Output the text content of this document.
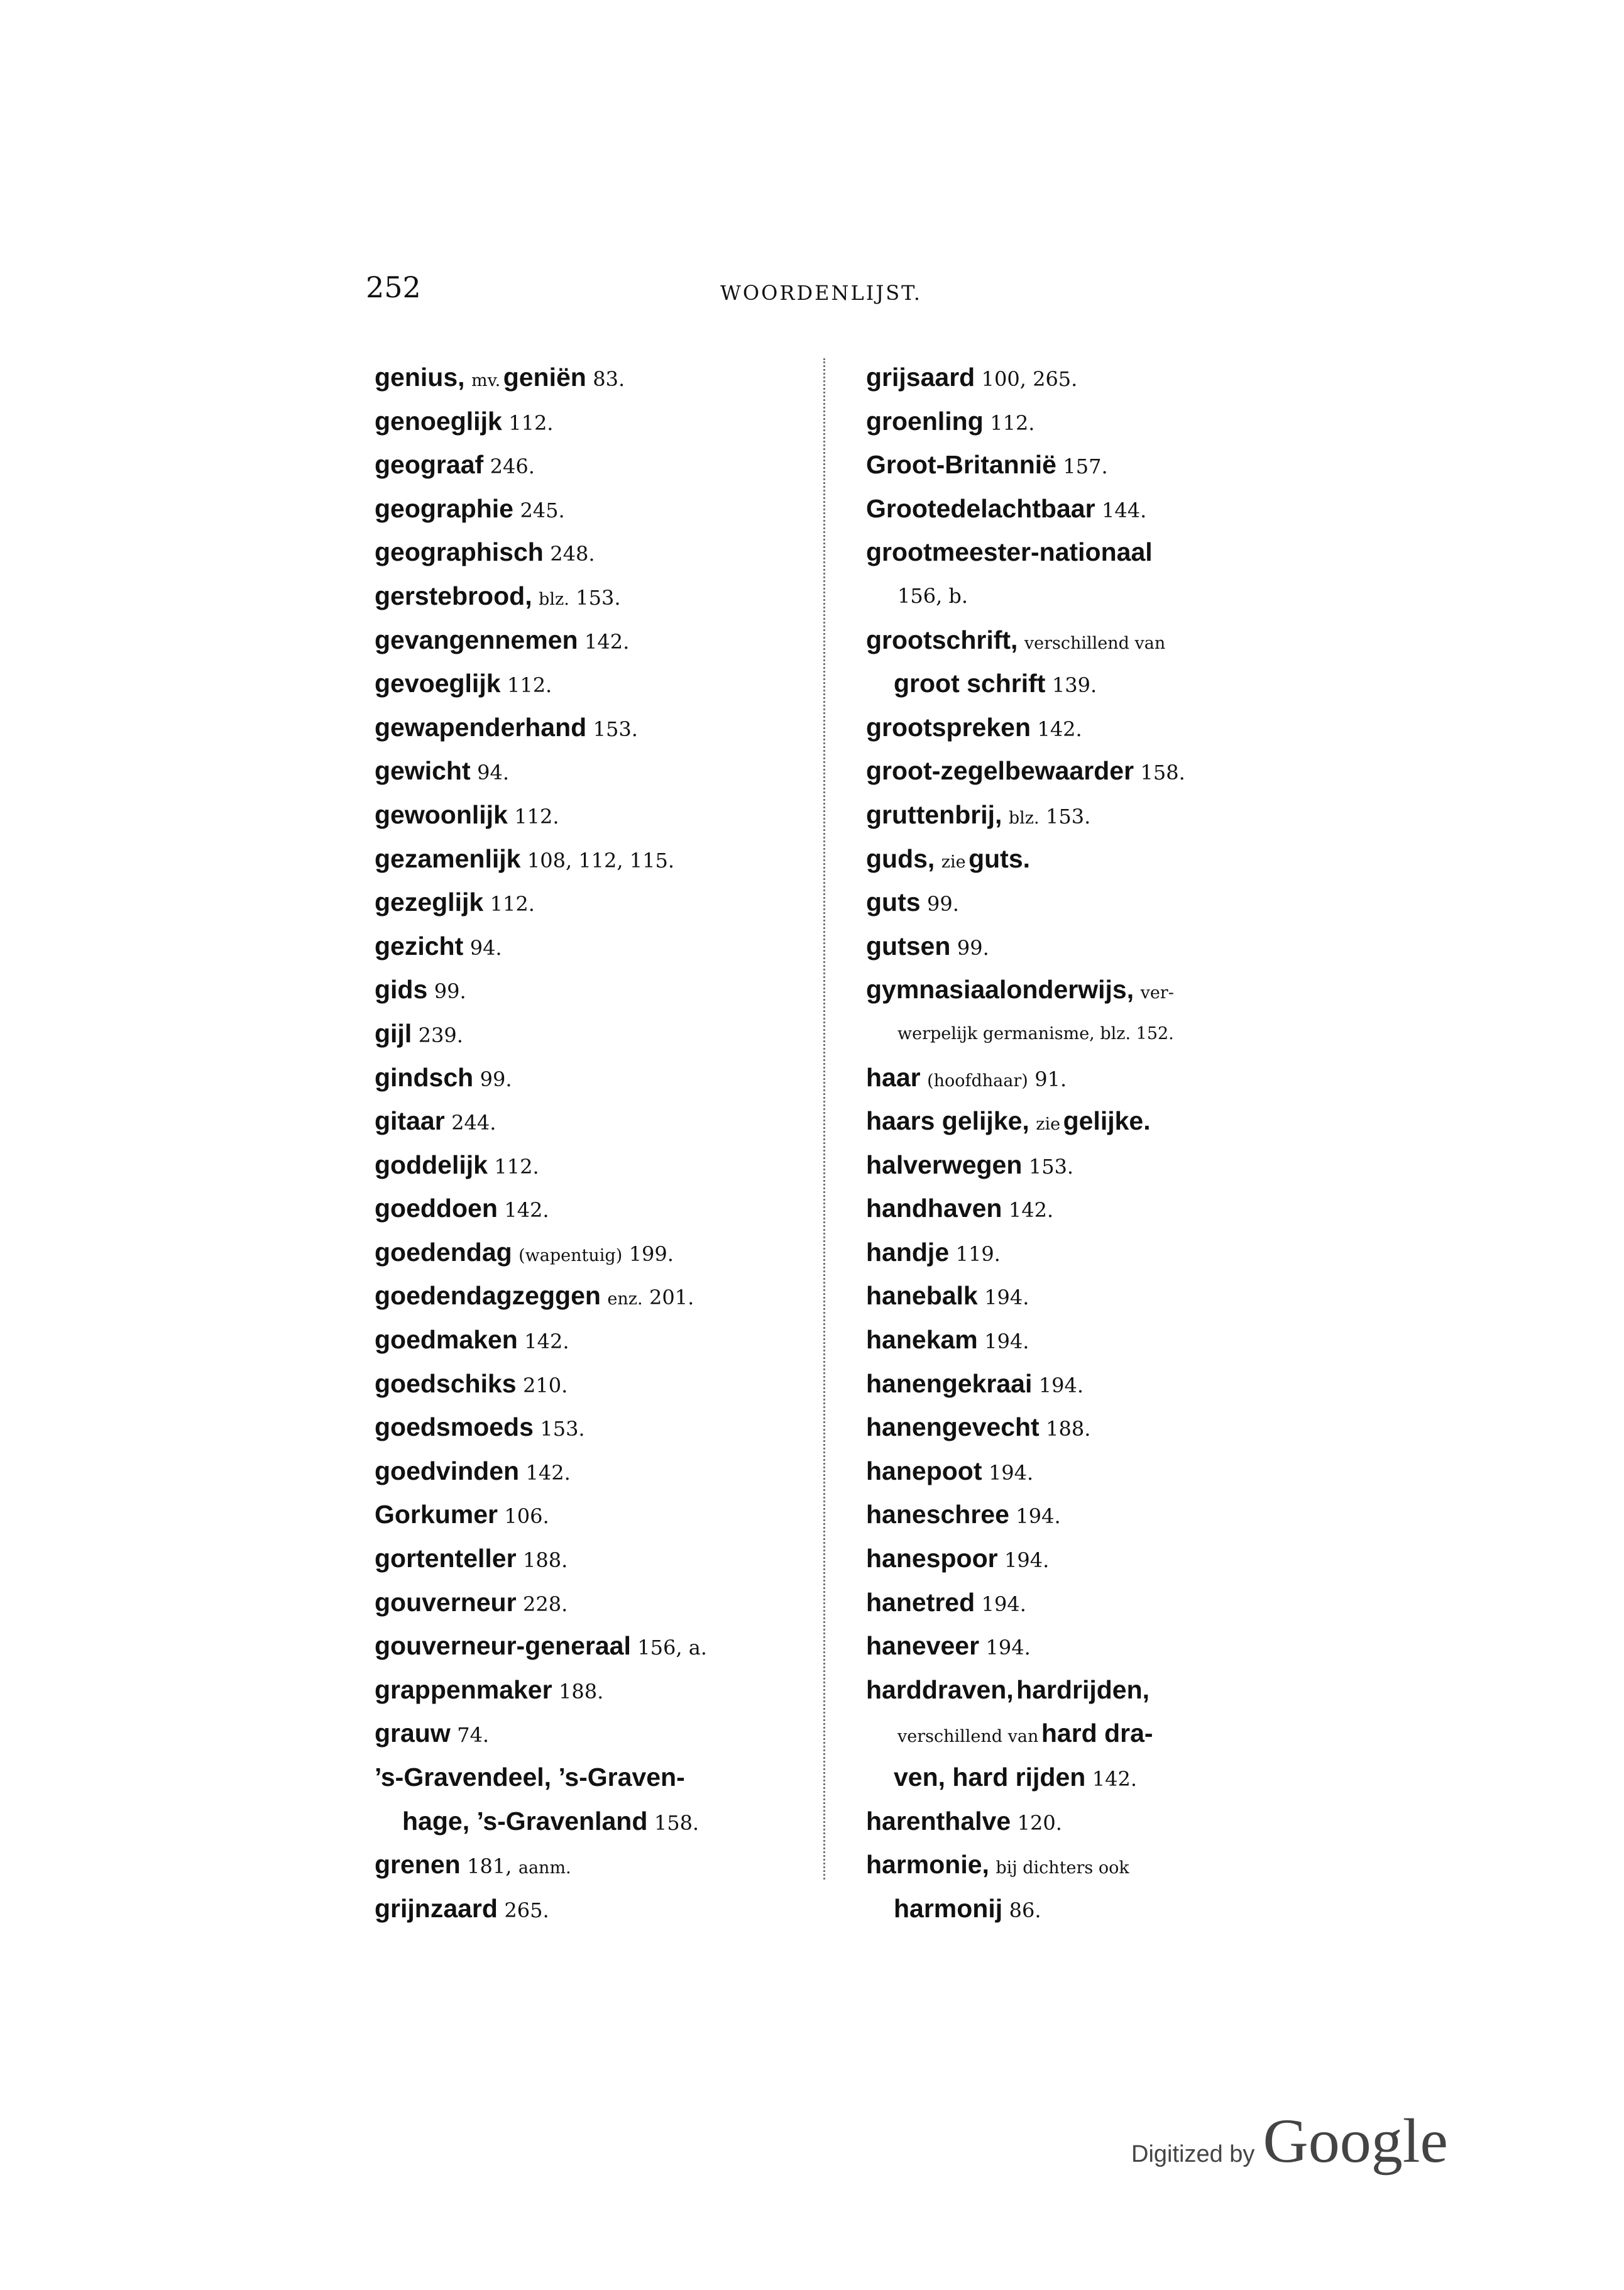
252	WOORDENLIJST.
genius, mv. geniën 83.
genoeglijk 112.
geograaf 246.
geographie 245.
geographisch 248.
gerstebrood, blz. 153.
gevangennemen 142.
gevoeglijk 112.
gewapenderhand 153.
gewicht 94.
gewoonlijk 112.
gezamenlijk 108, 112, 115.
gezeglijk 112.
gezicht 94.
gids 99.
gijl 239.
gindsch 99.
gitaar 244.
goddelijk 112.
goeddoen 142.
goedendag (wapentuig) 199.
goedendagzeggen enz. 201.
goedmaken 142.
goedschiks 210.
goedsmoeds 153.
goedvinden 142.
Gorkumer 106.
gortenteller 188.
gouverneur 228.
gouverneur-generaal 156, a.
grappenmaker 188.
grauw 74.
’s-Gravendeel, ’s-Graven-
hage, ’s-Gravenland 158.
grenen 181, aanm.
grijnzaard 265.
grijsaard 100, 265.
groenling 112.
Groot-Britannië 157.
Grootedelachtbaar 144.
grootmeester-nationaal
156, b.
grootschrift, verschillend van
groot schrift 139.
grootspreken 142.
groot-zegelbewaarder 158.
gruttenbrij, blz. 153.
guds, zie guts.
guts 99.
gutsen 99.
gymnasiaalonderwijs, ver-
werpelijk germanisme, blz. 152.
haar (hoofdhaar) 91.
haars gelijke, zie gelijke.
halverwegen 153.
handhaven 142.
handje 119.
hanebalk 194.
hanekam 194.
hanengekraai 194.
hanengevecht 188.
hanepoot 194.
haneschree 194.
hanespoor 194.
hanetred 194.
haneveer 194.
harddraven, hardrijden,
verschillend van hard dra-
ven, hard rijden 142.
harenthalve 120.
harmonie, bij dichters ook
harmonij 86.
Digitized by Google
